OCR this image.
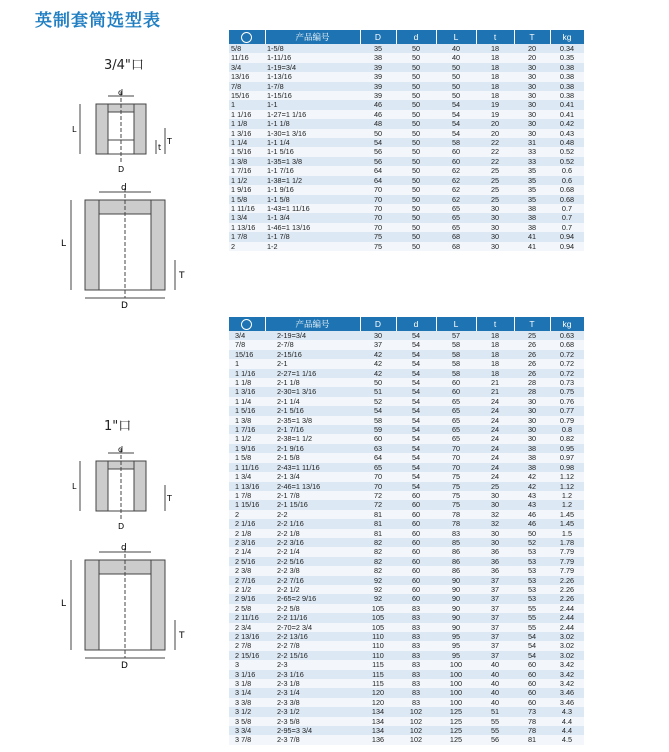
英制套筒选型表
3/4"口
1"口
d
L
t
T
D
d
L
T
D
d
L
T
D
d
L
T
D
	产品编号	D	d	L	t	T	kg
5/8	1-5/8	35	50	40	18	20	0.34
11/16	1-11/16	38	50	40	18	20	0.35
3/4	1-19=3/4	39	50	50	18	30	0.38
13/16	1-13/16	39	50	50	18	30	0.38
7/8	1-7/8	39	50	50	18	30	0.38
15/16	1-15/16	39	50	50	18	30	0.38
1	1-1	46	50	54	19	30	0.41
1 1/16	1-27=1 1/16	46	50	54	19	30	0.41
1 1/8	1-1 1/8	48	50	54	20	30	0.42
1 3/16	1-30=1 3/16	50	50	54	20	30	0.43
1 1/4	1-1 1/4	54	50	58	22	31	0.48
1 5/16	1-1 5/16	56	50	60	22	33	0.52
1 3/8	1-35=1 3/8	56	50	60	22	33	0.52
1 7/16	1-1 7/16	64	50	62	25	35	0.6
1 1/2	1-38=1 1/2	64	50	62	25	35	0.6
1 9/16	1-1 9/16	70	50	62	25	35	0.68
1 5/8	1-1 5/8	70	50	62	25	35	0.68
1 11/16	1-43=1 11/16	70	50	65	30	38	0.7
1 3/4	1-1 3/4	70	50	65	30	38	0.7
1 13/16	1-46=1 13/16	70	50	65	30	38	0.7
1 7/8	1-1 7/8	75	50	68	30	41	0.94
2	1-2	75	50	68	30	41	0.94
	产品编号	D	d	L	t	T	kg
3/4	2-19=3/4	30	54	57	18	25	0.63
7/8	2-7/8	37	54	58	18	26	0.68
15/16	2-15/16	42	54	58	18	26	0.72
1	2-1	42	54	58	18	26	0.72
1 1/16	2-27=1 1/16	42	54	58	18	26	0.72
1 1/8	2-1 1/8	50	54	60	21	28	0.73
1 3/16	2-30=1 3/16	51	54	60	21	28	0.75
1 1/4	2-1 1/4	52	54	65	24	30	0.76
1 5/16	2-1 5/16	54	54	65	24	30	0.77
1 3/8	2-35=1 3/8	58	54	65	24	30	0.79
1 7/16	2-1 7/16	59	54	65	24	30	0.8
1 1/2	2-38=1 1/2	60	54	65	24	30	0.82
1 9/16	2-1 9/16	63	54	70	24	38	0.95
1 5/8	2-1 5/8	64	54	70	24	38	0.97
1 11/16	2-43=1 11/16	65	54	70	24	38	0.98
1 3/4	2-1 3/4	70	54	75	24	42	1.12
1 13/16	2-46=1 13/16	70	54	75	25	42	1.12
1 7/8	2-1 7/8	72	60	75	30	43	1.2
1 15/16	2-1 15/16	72	60	75	30	43	1.2
2	2-2	81	60	78	32	46	1.45
2 1/16	2-2 1/16	81	60	78	32	46	1.45
2 1/8	2-2 1/8	81	60	83	30	50	1.5
2 3/16	2-2 3/16	82	60	85	30	52	1.78
2 1/4	2-2 1/4	82	60	86	36	53	7.79
2 5/16	2-2 5/16	82	60	86	36	53	7.79
2 3/8	2-2 3/8	82	60	86	36	53	7.79
2 7/16	2-2 7/16	92	60	90	37	53	2.26
2 1/2	2-2 1/2	92	60	90	37	53	2.26
2 9/16	2-65=2 9/16	92	60	90	37	53	2.26
2 5/8	2-2 5/8	105	83	90	37	55	2.44
2 11/16	2-2 11/16	105	83	90	37	55	2.44
2 3/4	2-70=2 3/4	105	83	90	37	55	2.44
2 13/16	2-2 13/16	110	83	95	37	54	3.02
2 7/8	2-2 7/8	110	83	95	37	54	3.02
2 15/16	2-2 15/16	110	83	95	37	54	3.02
3	2-3	115	83	100	40	60	3.42
3 1/16	2-3 1/16	115	83	100	40	60	3.42
3 1/8	2-3 1/8	115	83	100	40	60	3.42
3 1/4	2-3 1/4	120	83	100	40	60	3.46
3 3/8	2-3 3/8	120	83	100	40	60	3.46
3 1/2	2-3 1/2	134	102	125	51	73	4.3
3 5/8	2-3 5/8	134	102	125	55	78	4.4
3 3/4	2-95=3 3/4	134	102	125	55	78	4.4
3 7/8	2-3 7/8	136	102	125	56	81	4.5
